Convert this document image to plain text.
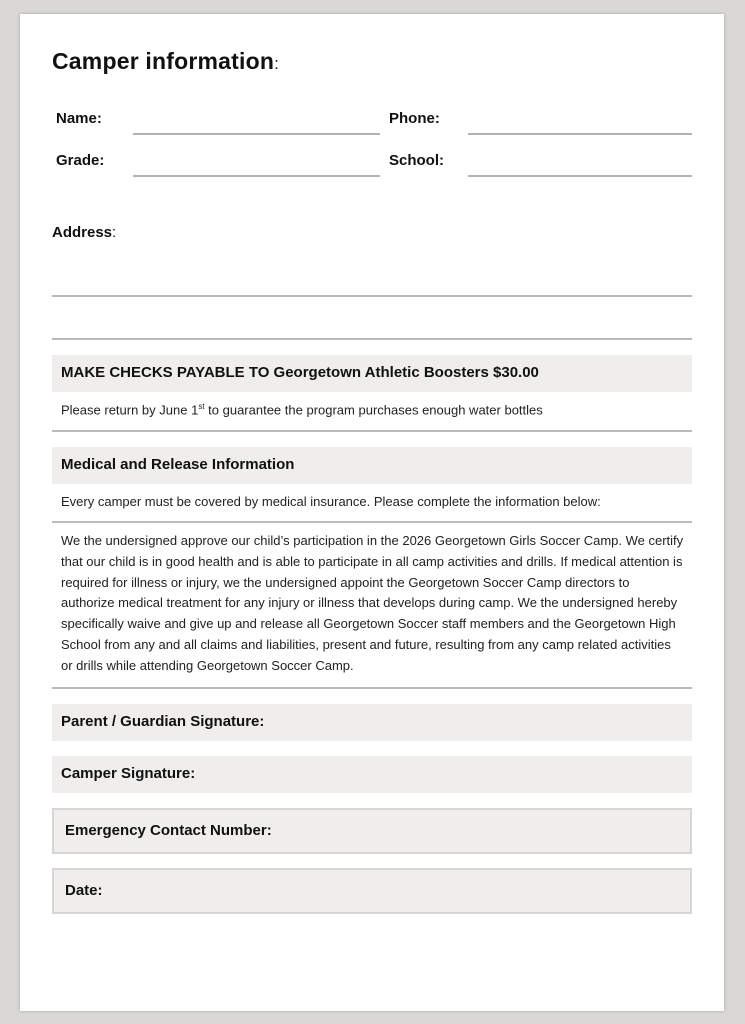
Camper information:
Name:	Phone:
Grade:	School:
Address:
MAKE CHECKS PAYABLE TO Georgetown Athletic Boosters $30.00
Please return by June 1st to guarantee the program purchases enough water bottles
Medical and Release Information
Every camper must be covered by medical insurance. Please complete the information below:
We the undersigned approve our child’s participation in the 2026 Georgetown Girls Soccer Camp. We certify that our child is in good health and is able to participate in all camp activities and drills. If medical attention is required for illness or injury, we the undersigned appoint the Georgetown Soccer Camp directors to authorize medical treatment for any injury or illness that develops during camp. We the undersigned hereby specifically waive and give up and release all Georgetown Soccer staff members and the Georgetown High School from any and all claims and liabilities, present and future, resulting from any camp related activities or drills while attending Georgetown Soccer Camp.
Parent / Guardian Signature:
Camper Signature:
Emergency Contact Number:
Date:
